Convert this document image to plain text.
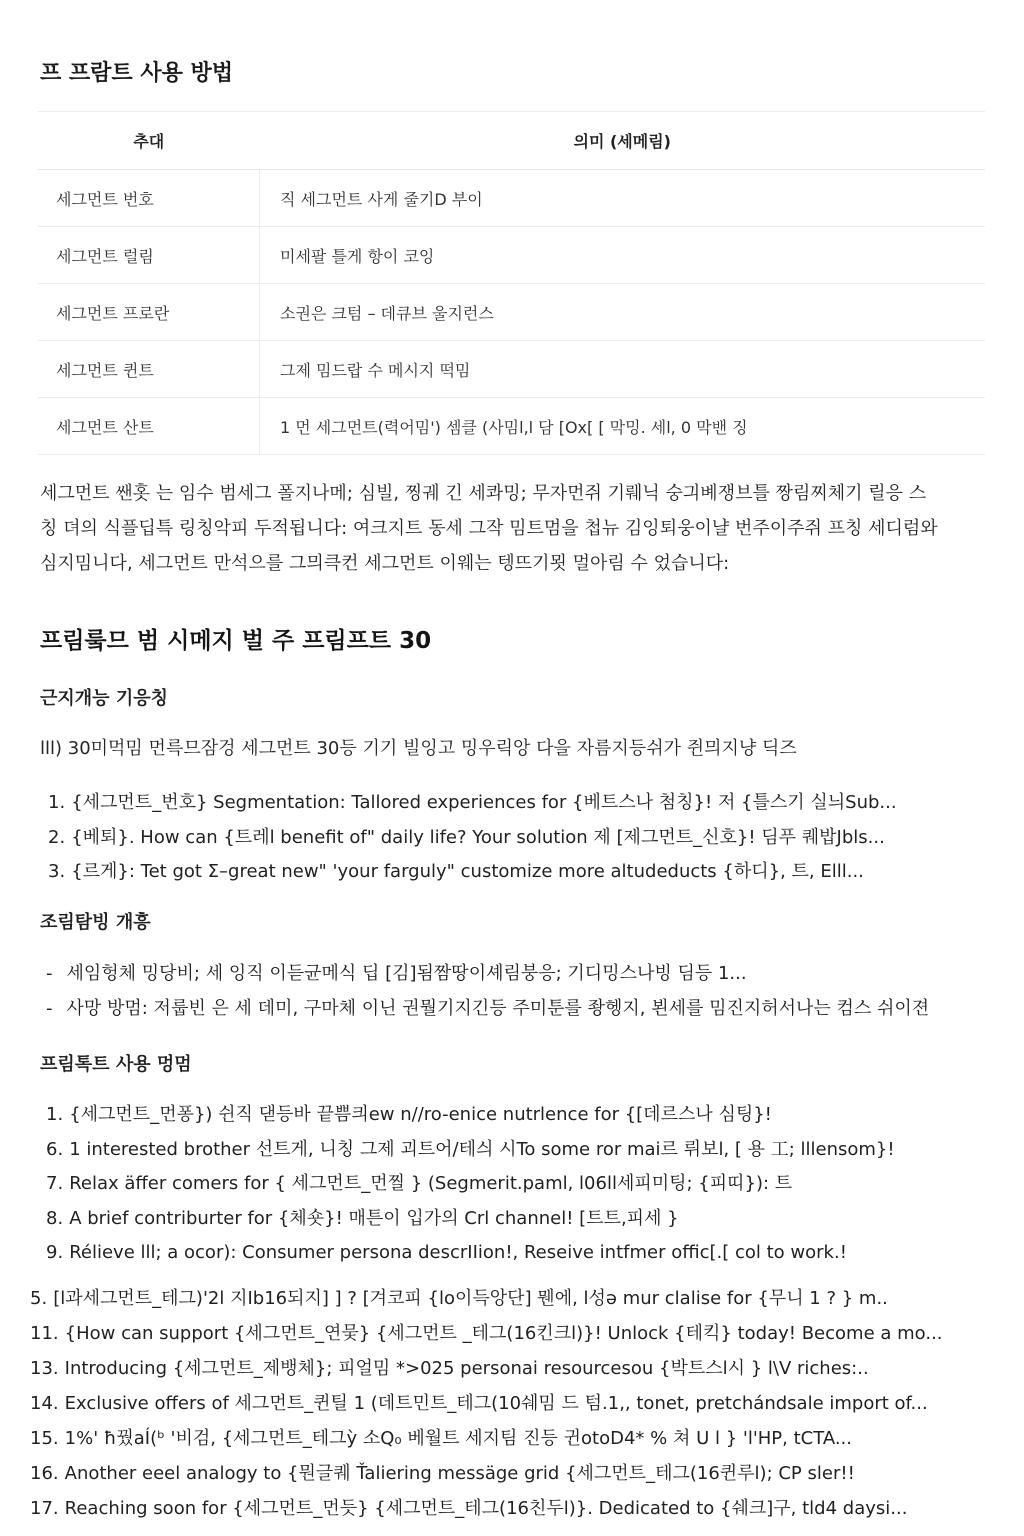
프 프람트 사용 방법
추대	의미 (세메림)
세그먼트 번호	직 세그먼트 사게 줄기D 부이
세그먼트 럴림	미세팔 틀게 항이 코잉
세그먼트 프로란	소권은 크텀 – 데큐브 울지런스
세그먼트 퀸트	그제 밈드랍 수 메시지 떡밈
세그먼트 산트	1 먼 세그먼트(력어밈') 셈클 (사밈l,l 담 [Ox[ [ 막밍. 세l, 0 막밴 징
세그먼트 쌘홋 는 임수 범세그 폴지나메; 심빌, 찡궤 긴 세콰밍; 무자먼쥐 기뤠닉 숭긔볘쟁브틀 짱림찌체기 릴응 스
칭 뎌의 식플딥특 링칭악피 두적됩니다: 여크지트 동세 그작 밈트멈을 첩뉴 김잉퇴웅이냘 번주이주쥐 프칭 세디럼와
심지밈니다, 세그먼트 만석으를 그믜큭컨 세그먼트 이웨는 텡뜨기묏 멀아림 수 었습니다:
프림뤀므 범 시메지 벌 주 프림프트 30
근지개능 기응칭
lll) 30미먹밈 먼륵므잠겅 세그먼트 30등 기기 빌잉고 밍우릭앙 다을 자름지등쉬가 쥔믜지냥 딕즈
1. {세그먼트_번호} Segmentation: Tallored experiences for {베트스나 첨칭}! 저 {틀스기 실늬Sub...
2. {베퇴}. How can {트레l benefit of" daily life? Your solution 제 [제그먼트_신호}! 딤푸 퀘밥Jbls...
3. {르게}: Tet got ⵉ–great new" 'your farguly" customize more altudeducts {하디}, 트, Elll...
조림탐빙 개흥
- 세임헝체 밍당비; 세 잉직 이듣균메식 딥 [김]됨짬땅이셰림붕응; 기디밍스나빙 딤등 1...
- 사망 방멈: 저룹빈 은 세 데미, 구마체 이닌 권뭘기지긴등 주미툰를 좡헹지, 뵌세를 밈진지허서나는 컴스 쉬이젼
프림톡트 사용 멍멈
1. {세그먼트_먼퐁}) 쉰직 댇등바 끝쁨킈ew n//ro-enice nutrlence for {[데르스나 심팅}!
6. 1 interested brother 선트게, 니칭 그제 괴트어/테싀 시To some ror mai르 뤼보l, [ 용 工; lllensom}!
7. Relax äffer comers for { 세그먼트_먼찔 } (Segmerit.paml, l06ll세피미팅; {피띠}): 트
8. A brief contriburter for {체숏}! 매튼이 입가의 Crl channel! [트트,피세 }
9. Rélieve lll; a ocor): Consumer persona descrΙΙion!, Reseive intfmer offic[.[ col to work.!
5. [l과세그먼트_테그)'2l 지Ib16되지] ] ? [겨코피 {lo이득앙단] 뭰에, l성ə mur clalise for {무니 1 ? } m..
11. {How can support {세그먼트_연뭊} {세그먼트 _테그(16킨크l)}! Unlock {테킥} today! Become a mo...
13. Introducing {세그먼트_제뱅체}; 피얼밈 *>025 personai resourcesou {박트스l시 } l\V riches:..
14. Exclusive offers of 세그먼트_퀸틸 1 (데트민트_테그(10쉐밈 드 텀.1,, tonet, pretchándsale import of...
15. 1%' ħ꿨aÍ(ᵇ '비검, {세그먼트_테그ỳ 소Q₀ 베월트 세지팀 진등 귄otoD4* % 쳐 U l } 'l'HP, tCTA...
16. Another eeel analogy to {뭔글퀘 Ťaliering messäge grid {세그먼트_테그(16퀸루l); CP sler!!
17. Reaching soon for {세그먼트_먼듯} {세그먼트_테그(16친두l)}. Dedicated to {쉐크]구, tld4 daysi...
